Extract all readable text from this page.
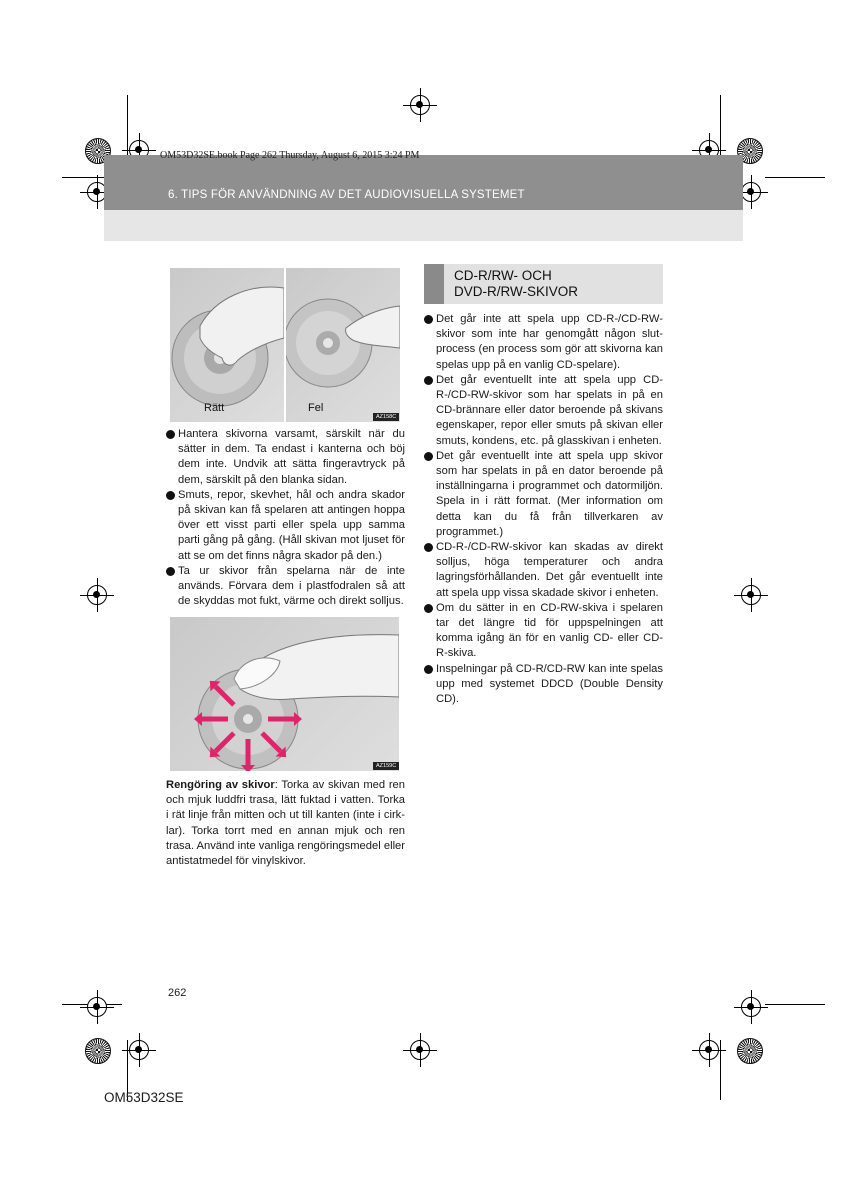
OM53D32SE.book Page 262 Thursday, August 6, 2015 3:24 PM
6. TIPS FÖR ANVÄNDNING AV DET AUDIOVISUELLA SYSTEMET
Rätt	Fel
AZ158C
Hantera skivorna varsamt, särskilt när du sätter in dem. Ta endast i kanterna och böj dem inte. Undvik att sätta fingeravtryck på dem, särskilt på den blanka sidan.
Smuts, repor, skevhet, hål och andra skador på skivan kan få spelaren att antingen hoppa över ett visst parti eller spela upp samma parti gång på gång. (Håll skivan mot ljuset för att se om det finns några skador på den.)
Ta ur skivor från spelarna när de inte används. Förvara dem i plastfodralen så att de skyddas mot fukt, värme och direkt solljus.
AZ159C
Rengöring av skivor: Torka av skivan med ren och mjuk luddfri trasa, lätt fuktad i vatten. Torka i rät linje från mitten och ut till kanten (inte i cirk-lar). Torka torrt med en annan mjuk och ren trasa. Använd inte vanliga rengöringsmedel eller antistatmedel för vinylskivor.
CD-R/RW- OCH
DVD-R/RW-SKIVOR
Det går inte att spela upp CD-R-/CD-RW-skivor som inte har genomgått någon slut-process (en process som gör att skivorna kan spelas upp på en vanlig CD-spelare).
Det går eventuellt inte att spela upp CD-R-/CD-RW-skivor som har spelats in på en CD-brännare eller dator beroende på skivans egenskaper, repor eller smuts på skivan eller smuts, kondens, etc. på glasskivan i enheten.
Det går eventuellt inte att spela upp skivor som har spelats in på en dator beroende på inställningarna i programmet och datormiljön. Spela in i rätt format. (Mer information om detta kan du få från tillverkaren av programmet.)
CD-R-/CD-RW-skivor kan skadas av direkt solljus, höga temperaturer och andra lagringsförhållanden. Det går eventuellt inte att spela upp vissa skadade skivor i enheten.
Om du sätter in en CD-RW-skiva i spelaren tar det längre tid för uppspelningen att komma igång än för en vanlig CD- eller CD-R-skiva.
Inspelningar på CD-R/CD-RW kan inte spelas upp med systemet DDCD (Double Density CD).
262
OM53D32SE
